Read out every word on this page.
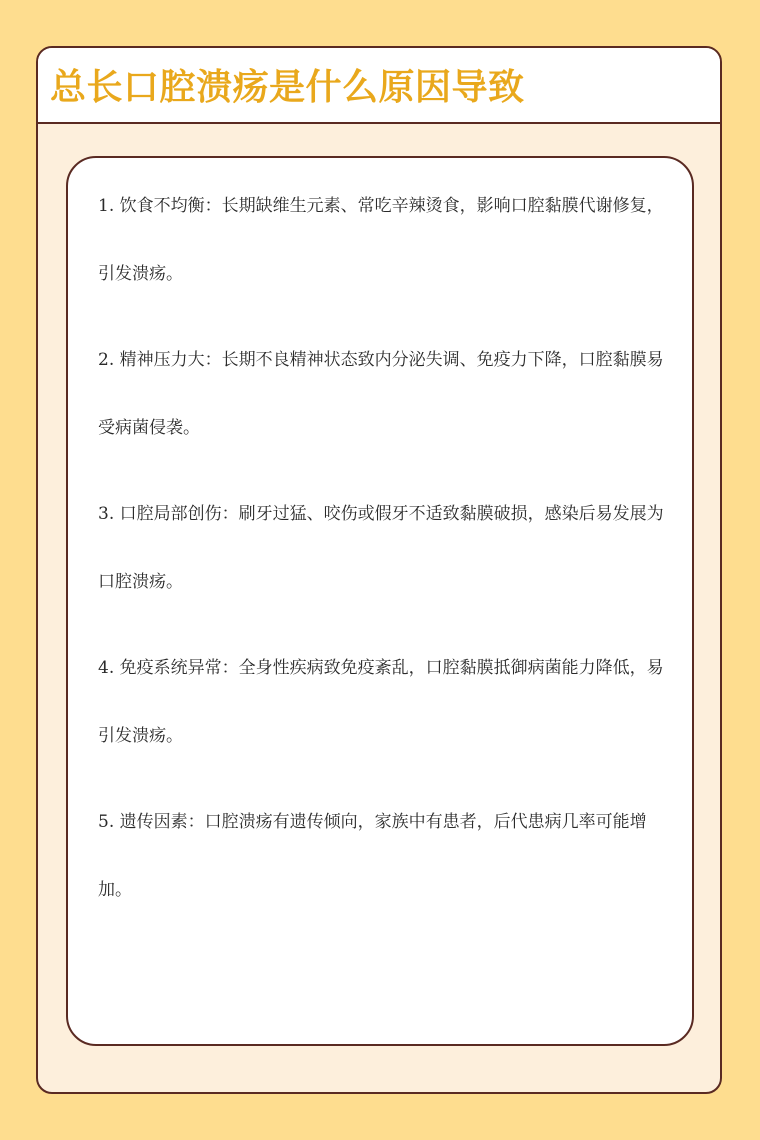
总长口腔溃疡是什么原因导致

1. 饮食不均衡：长期缺维生元素、常吃辛辣烫食，影响口腔黏膜代谢修复，引发溃疡。

2. 精神压力大：长期不良精神状态致内分泌失调、免疫力下降，口腔黏膜易受病菌侵袭。

3. 口腔局部创伤：刷牙过猛、咬伤或假牙不适致黏膜破损，感染后易发展为口腔溃疡。

4. 免疫系统异常：全身性疾病致免疫紊乱，口腔黏膜抵御病菌能力降低，易引发溃疡。

5. 遗传因素：口腔溃疡有遗传倾向，家族中有患者，后代患病几率可能增加。
